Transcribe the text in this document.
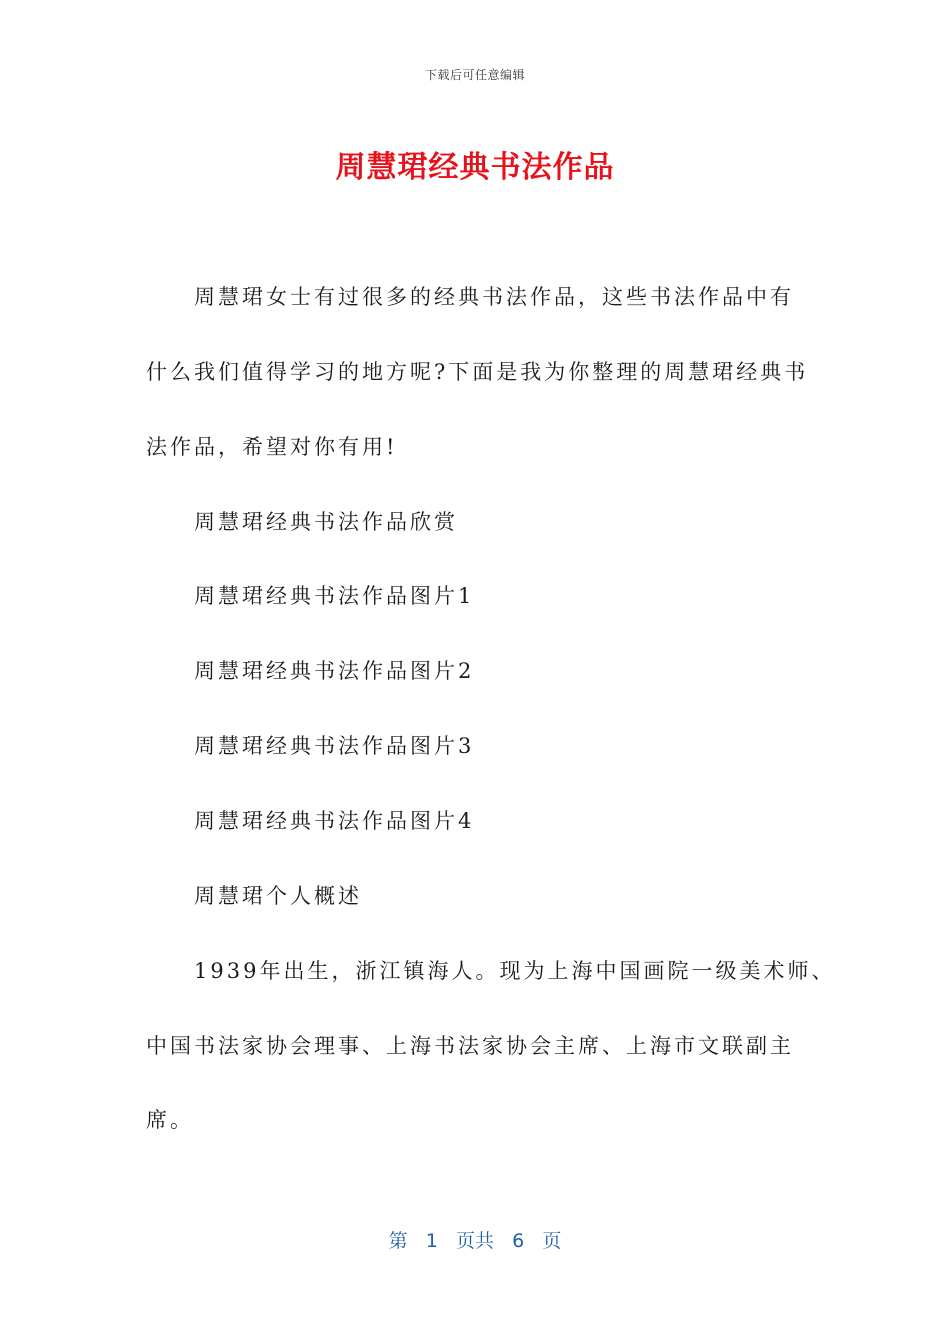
下载后可任意编辑
周慧珺经典书法作品
周慧珺女士有过很多的经典书法作品，这些书法作品中有
什么我们值得学习的地方呢?下面是我为你整理的周慧珺经典书
法作品，希望对你有用!
周慧珺经典书法作品欣赏
周慧珺经典书法作品图片1
周慧珺经典书法作品图片2
周慧珺经典书法作品图片3
周慧珺经典书法作品图片4
周慧珺个人概述
1939年出生，浙江镇海人。现为上海中国画院一级美术师、
中国书法家协会理事、上海书法家协会主席、上海市文联副主
席。
第 1 页共 6 页
